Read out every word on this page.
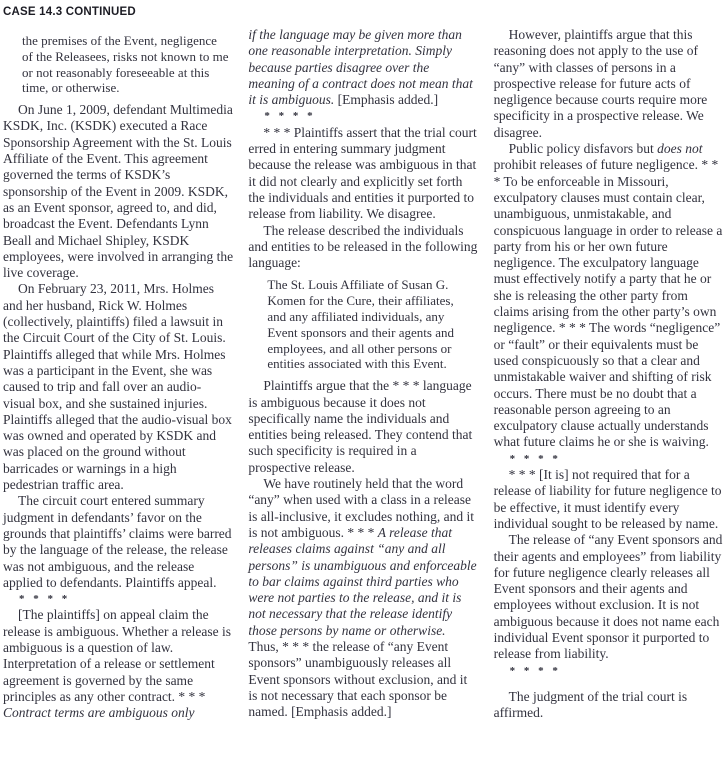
CASE 14.3 CONTINUED

the premises of the Event, negligence of the Releasees, risks not known to me or not reasonably foreseeable at this time, or otherwise.

On June 1, 2009, defendant Multimedia KSDK, Inc. (KSDK) executed a Race Sponsorship Agreement with the St. Louis Affiliate of the Event. This agreement governed the terms of KSDK’s sponsorship of the Event in 2009. KSDK, as an Event sponsor, agreed to, and did, broadcast the Event. Defendants Lynn Beall and Michael Shipley, KSDK employees, were involved in arranging the live coverage.

On February 23, 2011, Mrs. Holmes and her husband, Rick W. Holmes (collectively, plaintiffs) filed a lawsuit in the Circuit Court of the City of St. Louis. Plaintiffs alleged that while Mrs. Holmes was a participant in the Event, she was caused to trip and fall over an audio-visual box, and she sustained injuries. Plaintiffs alleged that the audio-visual box was owned and operated by KSDK and was placed on the ground without barricades or warnings in a high pedestrian traffic area.

The circuit court entered summary judgment in defendants’ favor on the grounds that plaintiffs’ claims were barred by the language of the release, the release was not ambiguous, and the release applied to defendants. Plaintiffs appeal.

* * * *

[The plaintiffs] on appeal claim the release is ambiguous. Whether a release is ambiguous is a question of law. Interpretation of a release or settlement agreement is governed by the same principles as any other contract. * * * Contract terms are ambiguous only

if the language may be given more than one reasonable interpretation. Simply because parties disagree over the meaning of a contract does not mean that it is ambiguous. [Emphasis added.]

* * * *

* * * Plaintiffs assert that the trial court erred in entering summary judgment because the release was ambiguous in that it did not clearly and explicitly set forth the individuals and entities it purported to release from liability. We disagree.

The release described the individuals and entities to be released in the following language:

The St. Louis Affiliate of Susan G. Komen for the Cure, their affiliates, and any affiliated individuals, any Event sponsors and their agents and employees, and all other persons or entities associated with this Event.

Plaintiffs argue that the * * * language is ambiguous because it does not specifically name the individuals and entities being released. They contend that such specificity is required in a prospective release.

We have routinely held that the word “any” when used with a class in a release is all-inclusive, it excludes nothing, and it is not ambiguous. * * * A release that releases claims against “any and all persons” is unambiguous and enforceable to bar claims against third parties who were not parties to the release, and it is not necessary that the release identify those persons by name or otherwise. Thus, * * * the release of “any Event sponsors” unambiguously releases all Event sponsors without exclusion, and it is not necessary that each sponsor be named. [Emphasis added.]

However, plaintiffs argue that this reasoning does not apply to the use of “any” with classes of persons in a prospective release for future acts of negligence because courts require more specificity in a prospective release. We disagree.

Public policy disfavors but does not prohibit releases of future negligence. * * * To be enforceable in Missouri, exculpatory clauses must contain clear, unambiguous, unmistakable, and conspicuous language in order to release a party from his or her own future negligence. The exculpatory language must effectively notify a party that he or she is releasing the other party from claims arising from the other party’s own negligence. * * * The words “negligence” or “fault” or their equivalents must be used conspicuously so that a clear and unmistakable waiver and shifting of risk occurs. There must be no doubt that a reasonable person agreeing to an exculpatory clause actually understands what future claims he or she is waiving.

* * * *

* * * [It is] not required that for a release of liability for future negligence to be effective, it must identify every individual sought to be released by name.

The release of “any Event sponsors and their agents and employees” from liability for future negligence clearly releases all Event sponsors and their agents and employees without exclusion. It is not ambiguous because it does not name each individual Event sponsor it purported to release from liability.

* * * *

The judgment of the trial court is affirmed.
